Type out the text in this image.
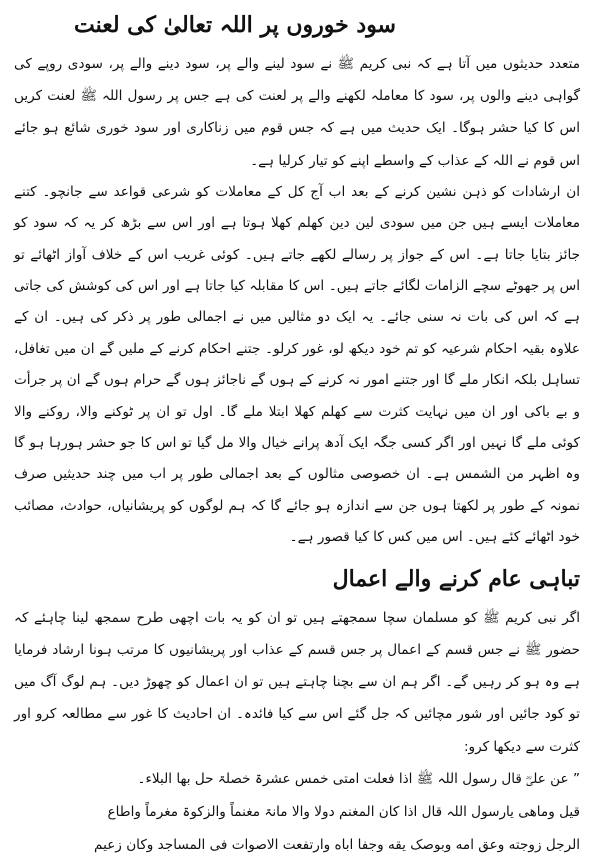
سود خوروں پر اللہ تعالیٰ کی لعنت

متعدد حدیثوں میں آتا ہے کہ نبی کریم ﷺ نے سود لینے والے پر، سود دینے والے پر، سودی روپے کی گواہی دینے والوں پر، سود کا معاملہ لکھنے والے پر لعنت کی ہے جس پر رسول اللہ ﷺ لعنت کریں اس کا کیا حشر ہوگا۔ ایک حدیث میں ہے کہ جس قوم میں زناکاری اور سود خوری شائع ہو جائے اس قوم نے اللہ کے عذاب کے واسطے اپنے کو تیار کرلیا ہے۔

ان ارشادات کو ذہن نشین کرنے کے بعد اب آج کل کے معاملات کو شرعی قواعد سے جانچو۔ کتنے معاملات ایسے ہیں جن میں سودی لین دین کھلم کھلا ہوتا ہے اور اس سے بڑھ کر یہ کہ سود کو جائز بتایا جاتا ہے۔ اس کے جواز پر رسالے لکھے جاتے ہیں۔ کوئی غریب اس کے خلاف آواز اٹھائے تو اس پر جھوٹے سچے الزامات لگائے جاتے ہیں۔ اس کا مقابلہ کیا جاتا ہے اور اس کی کوشش کی جاتی ہے کہ اس کی بات نہ سنی جائے۔ یہ ایک دو مثالیں میں نے اجمالی طور پر ذکر کی ہیں۔ ان کے علاوہ بقیہ احکام شرعیہ کو تم خود دیکھ لو، غور کرلو۔ جتنے احکام کرنے کے ملیں گے ان میں تغافل، تساہل بلکہ انکار ملے گا اور جتنے امور نہ کرنے کے ہوں گے ناجائز ہوں گے حرام ہوں گے ان پر جرأت و بے باکی اور ان میں نہایت کثرت سے کھلم کھلا ابتلا ملے گا۔ اول تو ان پر ٹوکنے والا، روکنے والا کوئی ملے گا نہیں اور اگر کسی جگہ ایک آدھ پرانے خیال والا مل گیا تو اس کا جو حشر ہورہا ہو گا وہ اظہر من الشمس ہے۔ ان خصوصی مثالوں کے بعد اجمالی طور پر اب میں چند حدیثیں صرف نمونہ کے طور پر لکھتا ہوں جن سے اندازہ ہو جائے گا کہ ہم لوگوں کو پریشانیاں، حوادث، مصائب خود اٹھائے کئے ہیں۔ اس میں کس کا کیا قصور ہے۔

تباہی عام کرنے والے اعمال

اگر نبی کریم ﷺ کو مسلمان سچا سمجھتے ہیں تو ان کو یہ بات اچھی طرح سمجھ لینا چاہئے کہ حضور ﷺ نے جس قسم کے اعمال پر جس قسم کے عذاب اور پریشانیوں کا مرتب ہونا ارشاد فرمایا ہے وہ ہو کر رہیں گے۔ اگر ہم ان سے بچنا چاہتے ہیں تو ان اعمال کو چھوڑ دیں۔ ہم لوگ آگ میں تو کود جائیں اور شور مچائیں کہ جل گئے اس سے کیا فائدہ۔ ان احادیث کا غور سے مطالعہ کرو اور کثرت سے دیکھا کرو:

” عن علیؓ قال رسول اللہ ﷺ اذا فعلت امتی خمس عشرۃ خصلۃ حل بها البلاء۔
قیل وماهی یارسول اللہ قال اذا کان المغنم دولا والا مانۃ مغنماً والزکوۃ مغرماً واطاع
الرجل زوجته وعق امه وبوصک یقه وجفا اباه وارتفعت الاصوات فی المساجد وکان زعیم
